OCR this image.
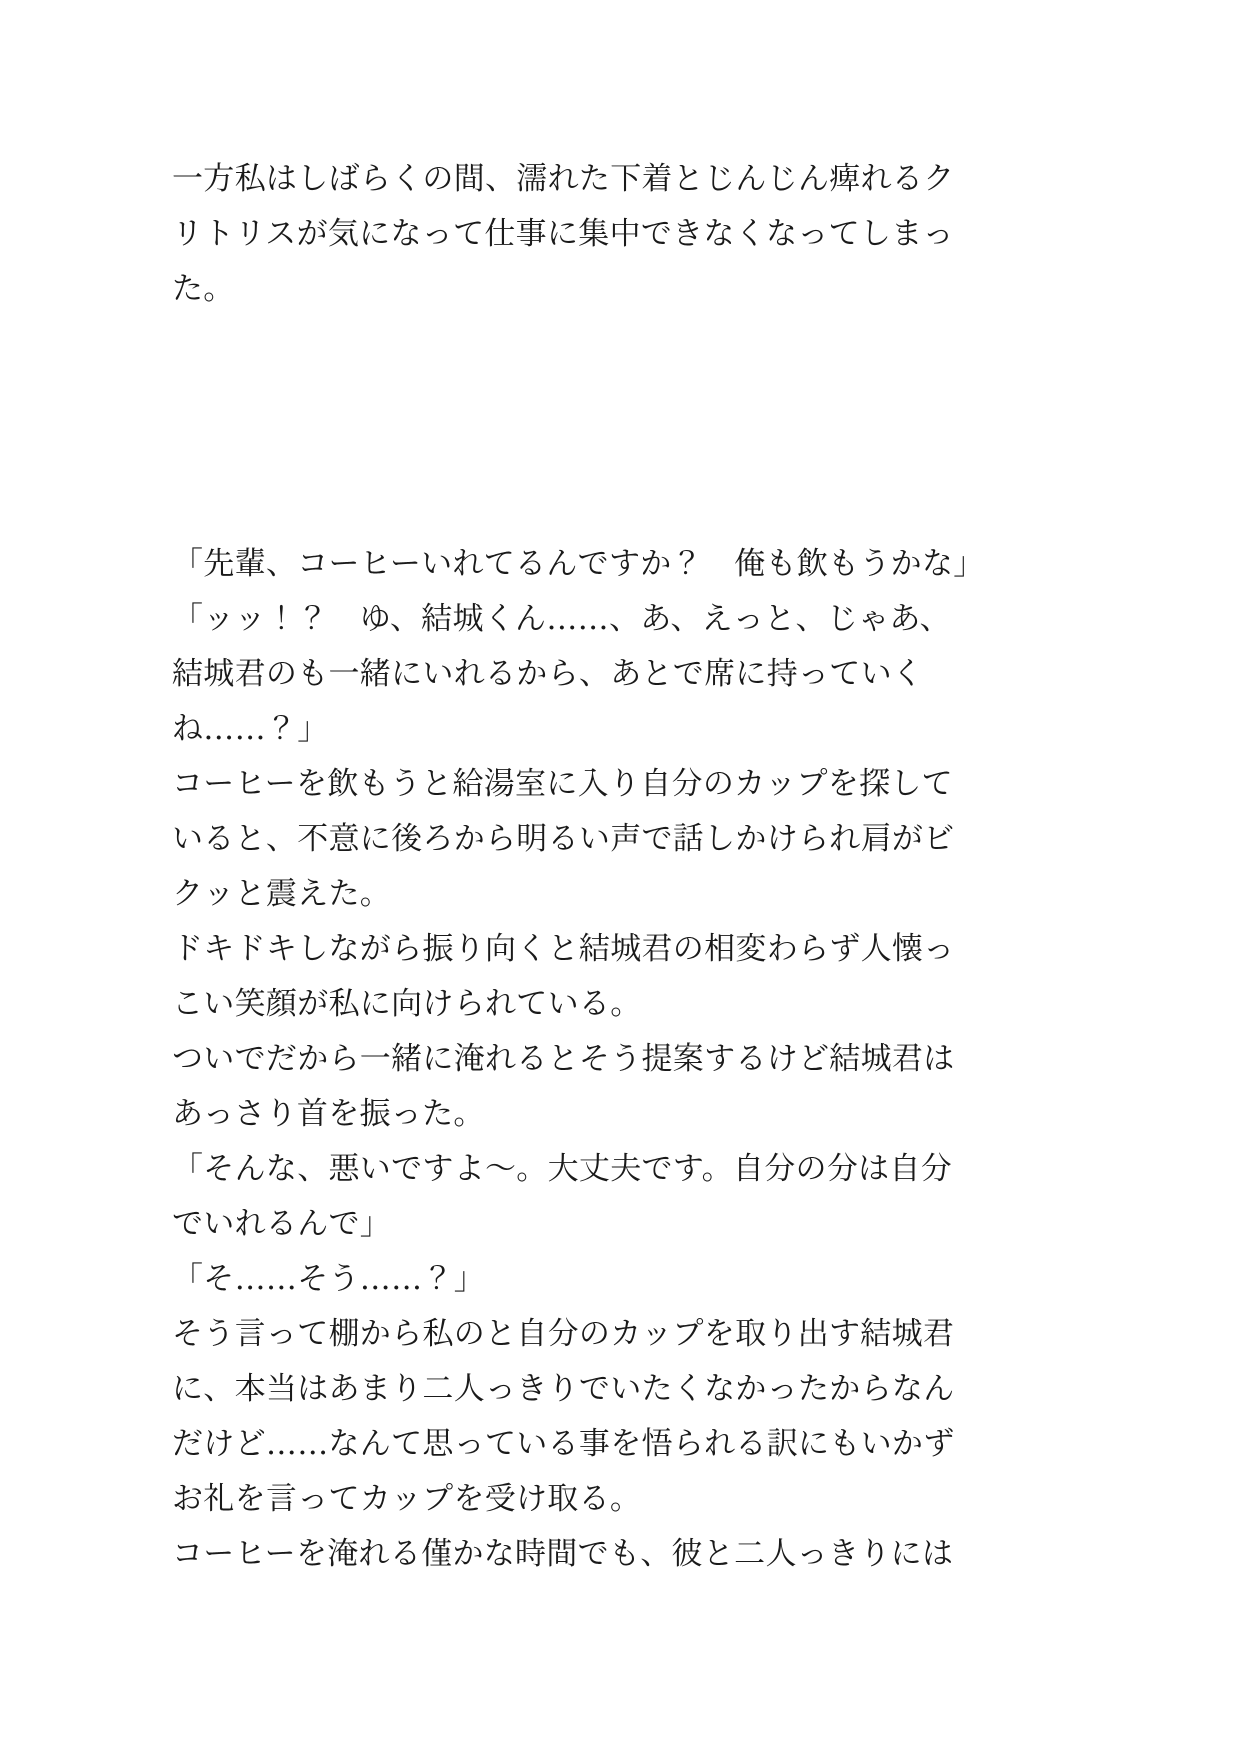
一方私はしばらくの間、濡れた下着とじんじん痺れるク

リトリスが気になって仕事に集中できなくなってしまっ

た。

「先輩、コーヒーいれてるんですか？　俺も飲もうかな」

「ッッ！？　ゆ、結城くん……、あ、えっと、じゃあ、

結城君のも一緒にいれるから、あとで席に持っていく

ね……？」

コーヒーを飲もうと給湯室に入り自分のカップを探して

いると、不意に後ろから明るい声で話しかけられ肩がビ

クッと震えた。

ドキドキしながら振り向くと結城君の相変わらず人懐っ

こい笑顔が私に向けられている。

ついでだから一緒に淹れるとそう提案するけど結城君は

あっさり首を振った。

「そんな、悪いですよ～。大丈夫です。自分の分は自分

でいれるんで」

「そ……そう……？」

そう言って棚から私のと自分のカップを取り出す結城君

に、本当はあまり二人っきりでいたくなかったからなん

だけど……なんて思っている事を悟られる訳にもいかず

お礼を言ってカップを受け取る。

コーヒーを淹れる僅かな時間でも、彼と二人っきりには
